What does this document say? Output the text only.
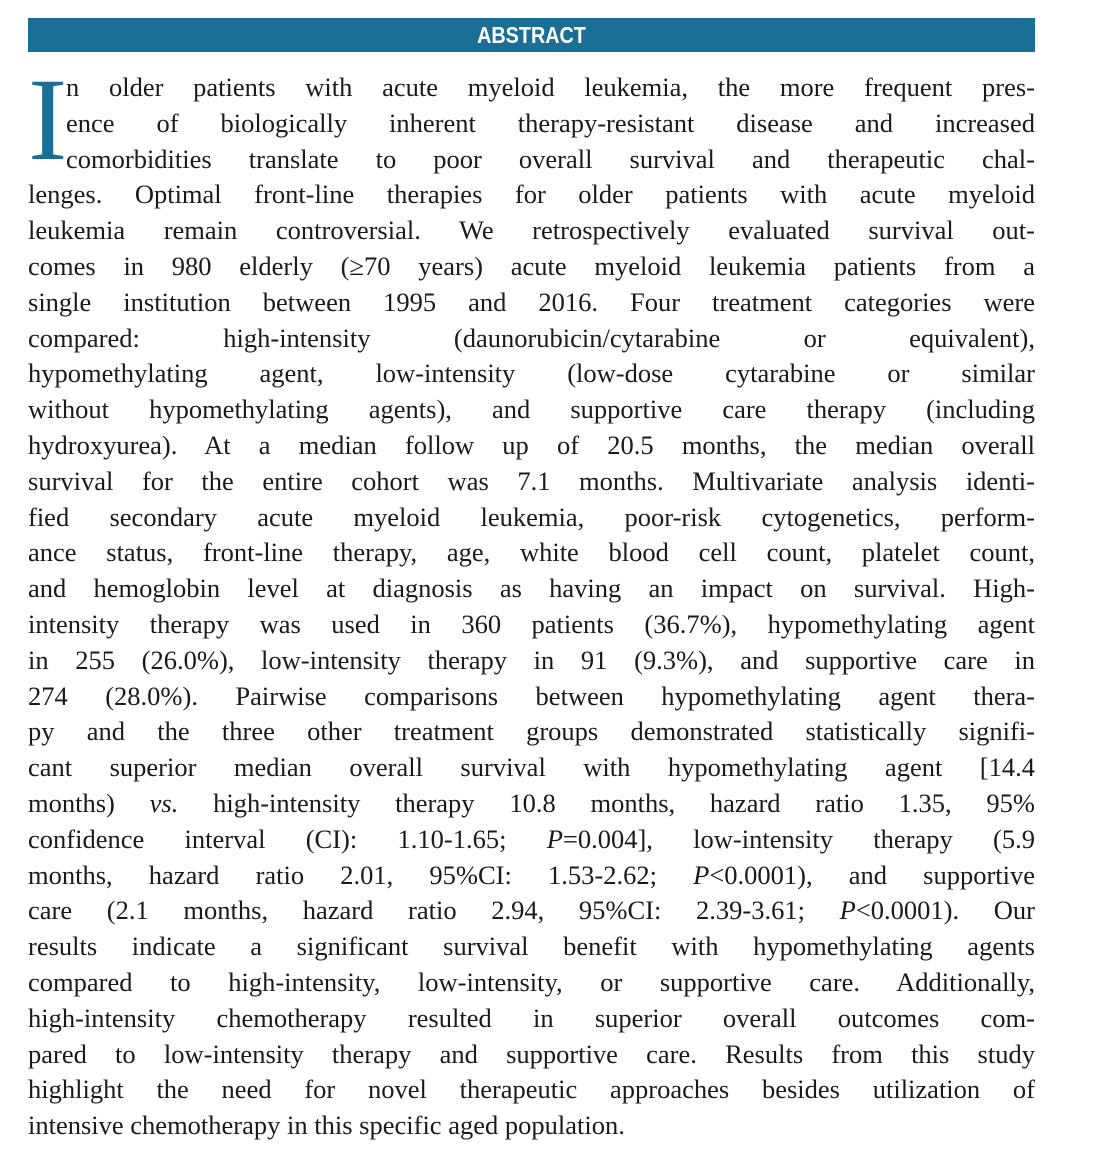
ABSTRACT
I
n older patients with acute myeloid leukemia, the more frequent pres-
ence of biologically inherent therapy-resistant disease and increased
comorbidities translate to poor overall survival and therapeutic chal-
lenges. Optimal front-line therapies for older patients with acute myeloid
leukemia remain controversial. We retrospectively evaluated survival out-
comes in 980 elderly (≥70 years) acute myeloid leukemia patients from a
single institution between 1995 and 2016. Four treatment categories were
compared: high-intensity (daunorubicin/cytarabine or equivalent),
hypomethylating agent, low-intensity (low-dose cytarabine or similar
without hypomethylating agents), and supportive care therapy (including
hydroxyurea). At a median follow up of 20.5 months, the median overall
survival for the entire cohort was 7.1 months. Multivariate analysis identi-
fied secondary acute myeloid leukemia, poor-risk cytogenetics, perform-
ance status, front-line therapy, age, white blood cell count, platelet count,
and hemoglobin level at diagnosis as having an impact on survival. High-
intensity therapy was used in 360 patients (36.7%), hypomethylating agent
in 255 (26.0%), low-intensity therapy in 91 (9.3%), and supportive care in
274 (28.0%). Pairwise comparisons between hypomethylating agent thera-
py and the three other treatment groups demonstrated statistically signifi-
cant superior median overall survival with hypomethylating agent [14.4
months) vs. high-intensity therapy 10.8 months, hazard ratio 1.35, 95%
confidence interval (CI): 1.10-1.65; P=0.004], low-intensity therapy (5.9
months, hazard ratio 2.01, 95%CI: 1.53-2.62; P<0.0001), and supportive
care (2.1 months, hazard ratio 2.94, 95%CI: 2.39-3.61; P<0.0001). Our
results indicate a significant survival benefit with hypomethylating agents
compared to high-intensity, low-intensity, or supportive care. Additionally,
high-intensity chemotherapy resulted in superior overall outcomes com-
pared to low-intensity therapy and supportive care. Results from this study
highlight the need for novel therapeutic approaches besides utilization of
intensive chemotherapy in this specific aged population.
